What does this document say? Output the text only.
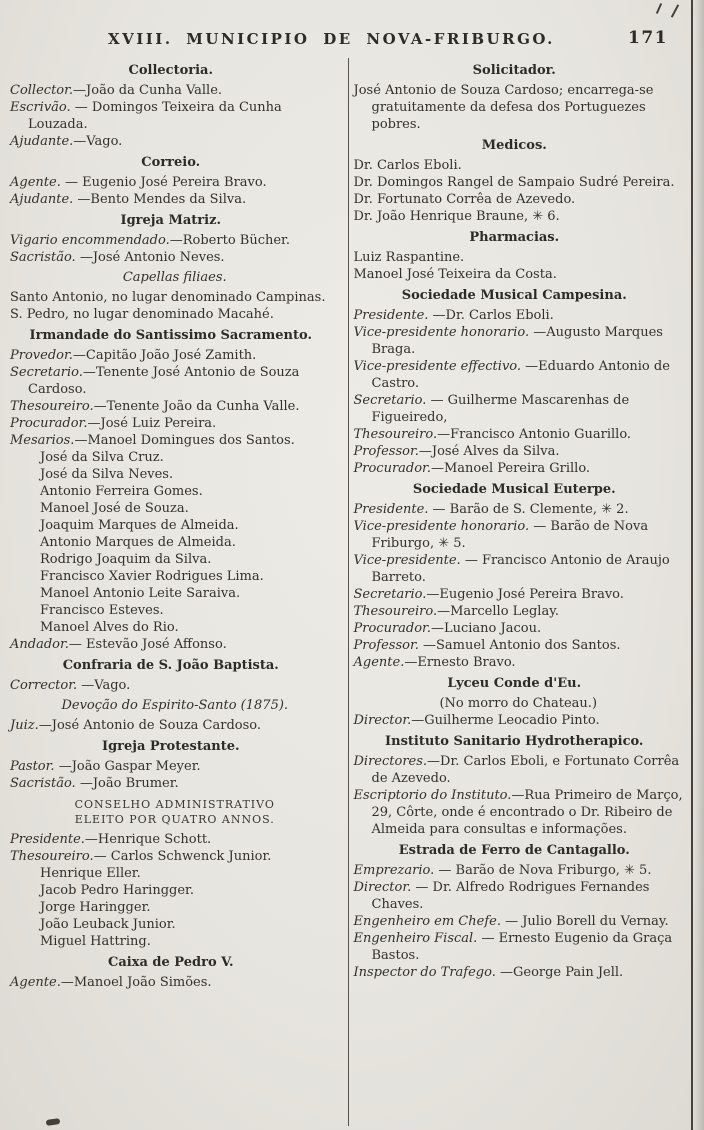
XVIII. MUNICIPIO DE NOVA-FRIBURGO.	171
Collectoria.

Collector.—João da Cunha Valle.

Escrivão. — Domingos Teixeira da Cunha Louzada.

Ajudante.—Vago.

Correio.

Agente. — Eugenio José Pereira Bravo.

Ajudante. —Bento Mendes da Silva.

Igreja Matriz.

Vigario encommendado.—Roberto Bücher.

Sacristão. —José Antonio Neves.

Capellas filiaes.

Santo Antonio, no lugar denominado Campinas.

S. Pedro, no lugar denominado Macahé.

Irmandade do Santissimo Sacramento.

Provedor.—Capitão João José Zamith.

Secretario.—Tenente José Antonio de Souza Cardoso.

Thesoureiro.—Tenente João da Cunha Valle.

Procurador.—José Luiz Pereira.

Mesarios.—Manoel Domingues dos Santos.

José da Silva Cruz.

José da Silva Neves.

Antonio Ferreira Gomes.

Manoel José de Souza.

Joaquim Marques de Almeida.

Antonio Marques de Almeida.

Rodrigo Joaquim da Silva.

Francisco Xavier Rodrigues Lima.

Manoel Antonio Leite Saraiva.

Francisco Esteves.

Manoel Alves do Rio.

Andador.— Estevão José Affonso.

Confraria de S. João Baptista.

Corrector. —Vago.

Devoção do Espirito-Santo (1875).

Juiz.—José Antonio de Souza Cardoso.

Igreja Protestante.

Pastor. —João Gaspar Meyer.

Sacristão. —João Brumer.

CONSELHO ADMINISTRATIVO ELEITO POR QUATRO ANNOS.

Presidente.—Henrique Schott.

Thesoureiro.— Carlos Schwenck Junior.

Henrique Eller.

Jacob Pedro Haringger.

Jorge Haringger.

João Leuback Junior.

Miguel Hattring.

Caixa de Pedro V.

Agente.—Manoel João Simões.

Solicitador.

José Antonio de Souza Cardoso; encarrega-se gratuitamente da defesa dos Portuguezes pobres.

Medicos.

Dr. Carlos Eboli.

Dr. Domingos Rangel de Sampaio Sudré Pereira.

Dr. Fortunato Corrêa de Azevedo.

Dr. João Henrique Braune, ✳ 6.

Pharmacias.

Luiz Raspantine.

Manoel José Teixeira da Costa.

Sociedade Musical Campesina.

Presidente. —Dr. Carlos Eboli.

Vice-presidente honorario. —Augusto Marques Braga.

Vice-presidente effectivo. —Eduardo Antonio de Castro.

Secretario. — Guilherme Mascarenhas de Figueiredo,

Thesoureiro.—Francisco Antonio Guarillo.

Professor.—José Alves da Silva.

Procurador.—Manoel Pereira Grillo.

Sociedade Musical Euterpe.

Presidente. — Barão de S. Clemente, ✳ 2.

Vice-presidente honorario. — Barão de Nova Friburgo, ✳ 5.

Vice-presidente. — Francisco Antonio de Araujo Barreto.

Secretario.—Eugenio José Pereira Bravo.

Thesoureiro.—Marcello Leglay.

Procurador.—Luciano Jacou.

Professor. —Samuel Antonio dos Santos.

Agente.—Ernesto Bravo.

Lyceu Conde d'Eu.

(No morro do Chateau.)

Director.—Guilherme Leocadio Pinto.

Instituto Sanitario Hydrotherapico.

Directores.—Dr. Carlos Eboli, e Fortunato Corrêa de Azevedo.

Escriptorio do Instituto.—Rua Primeiro de Março, 29, Côrte, onde é encontrado o Dr. Ribeiro de Almeida para consultas e informações.

Estrada de Ferro de Cantagallo.

Emprezario. — Barão de Nova Friburgo, ✳ 5.

Director. — Dr. Alfredo Rodrigues Fernandes Chaves.

Engenheiro em Chefe. — Julio Borell du Vernay.

Engenheiro Fiscal. — Ernesto Eugenio da Graça Bastos.

Inspector do Trafego. —George Pain Jell.
